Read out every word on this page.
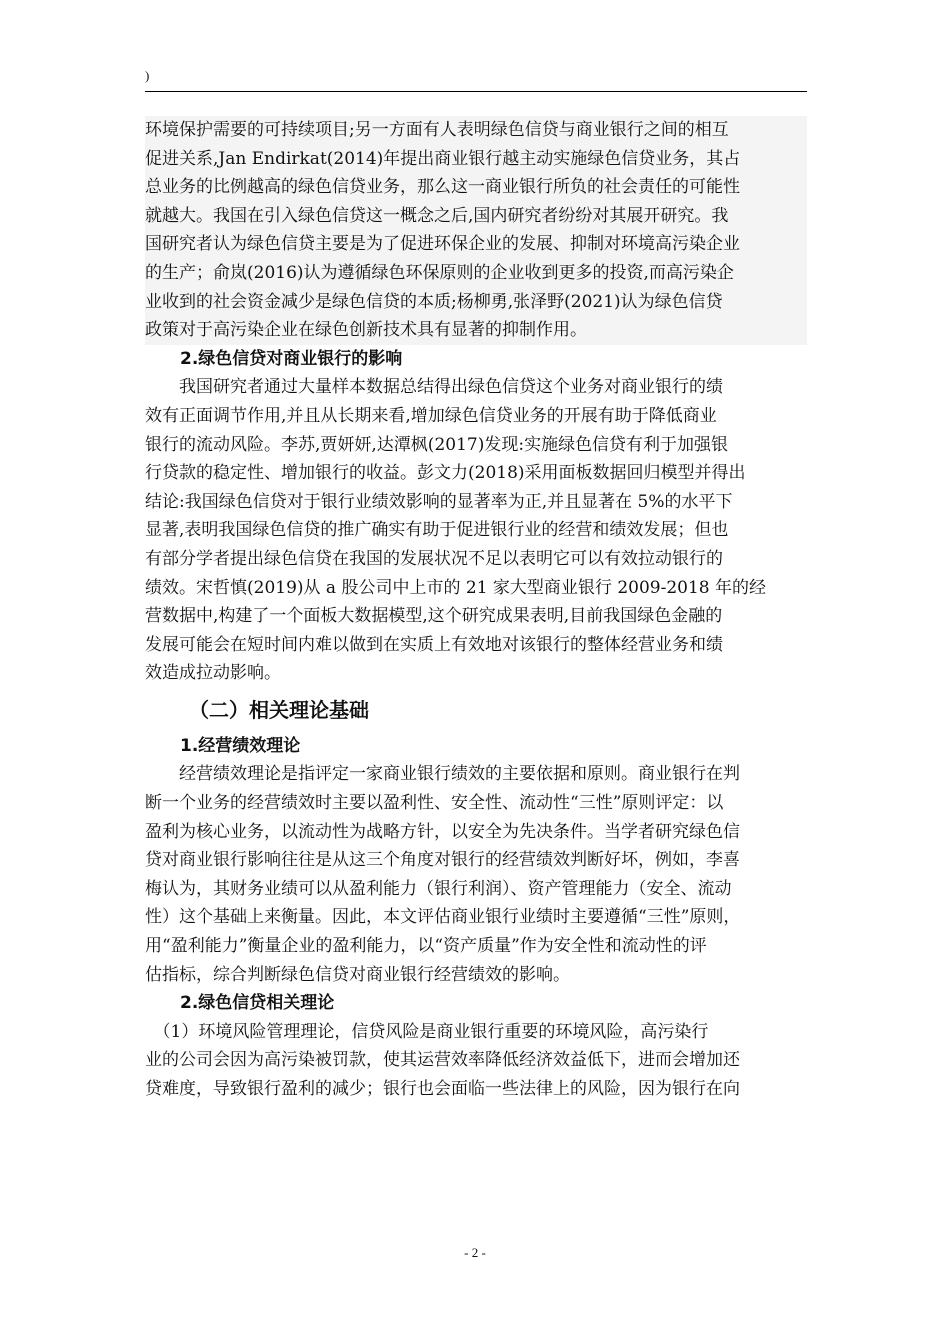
)
环境保护需要的可持续项目;另一方面有人表明绿色信贷与商业银行之间的相互
促进关系,Jan Endirkat(2014)年提出商业银行越主动实施绿色信贷业务，其占
总业务的比例越高的绿色信贷业务，那么这一商业银行所负的社会责任的可能性
就越大。我国在引入绿色信贷这一概念之后,国内研究者纷纷对其展开研究。我
国研究者认为绿色信贷主要是为了促进环保企业的发展、抑制对环境高污染企业
的生产；俞岚(2016)认为遵循绿色环保原则的企业收到更多的投资,而高污染企
业收到的社会资金减少是绿色信贷的本质;杨柳勇,张泽野(2021)认为绿色信贷
政策对于高污染企业在绿色创新技术具有显著的抑制作用。
2.绿色信贷对商业银行的影响
　　我国研究者通过大量样本数据总结得出绿色信贷这个业务对商业银行的绩
效有正面调节作用,并且从长期来看,增加绿色信贷业务的开展有助于降低商业
银行的流动风险。李苏,贾妍妍,达潭枫(2017)发现:实施绿色信贷有利于加强银
行贷款的稳定性、增加银行的收益。彭文力(2018)采用面板数据回归模型并得出
结论:我国绿色信贷对于银行业绩效影响的显著率为正,并且显著在 5%的水平下
显著,表明我国绿色信贷的推广确实有助于促进银行业的经营和绩效发展；但也
有部分学者提出绿色信贷在我国的发展状况不足以表明它可以有效拉动银行的
绩效。宋哲慎(2019)从 a 股公司中上市的 21 家大型商业银行 2009-2018 年的经
营数据中,构建了一个面板大数据模型,这个研究成果表明,目前我国绿色金融的
发展可能会在短时间内难以做到在实质上有效地对该银行的整体经营业务和绩
效造成拉动影响。
（二）相关理论基础
1.经营绩效理论
　　经营绩效理论是指评定一家商业银行绩效的主要依据和原则。商业银行在判
断一个业务的经营绩效时主要以盈利性、安全性、流动性“三性”原则评定：以
盈利为核心业务，以流动性为战略方针，以安全为先决条件。当学者研究绿色信
贷对商业银行影响往往是从这三个角度对银行的经营绩效判断好坏，例如，李喜
梅认为，其财务业绩可以从盈利能力（银行利润）、资产管理能力（安全、流动
性）这个基础上来衡量。因此，本文评估商业银行业绩时主要遵循“三性”原则，
用“盈利能力”衡量企业的盈利能力，以“资产质量”作为安全性和流动性的评
估指标，综合判断绿色信贷对商业银行经营绩效的影响。
2.绿色信贷相关理论
　（1）环境风险管理理论，信贷风险是商业银行重要的环境风险，高污染行
业的公司会因为高污染被罚款，使其运营效率降低经济效益低下，进而会增加还
贷难度，导致银行盈利的减少；银行也会面临一些法律上的风险，因为银行在向
- 2 -
